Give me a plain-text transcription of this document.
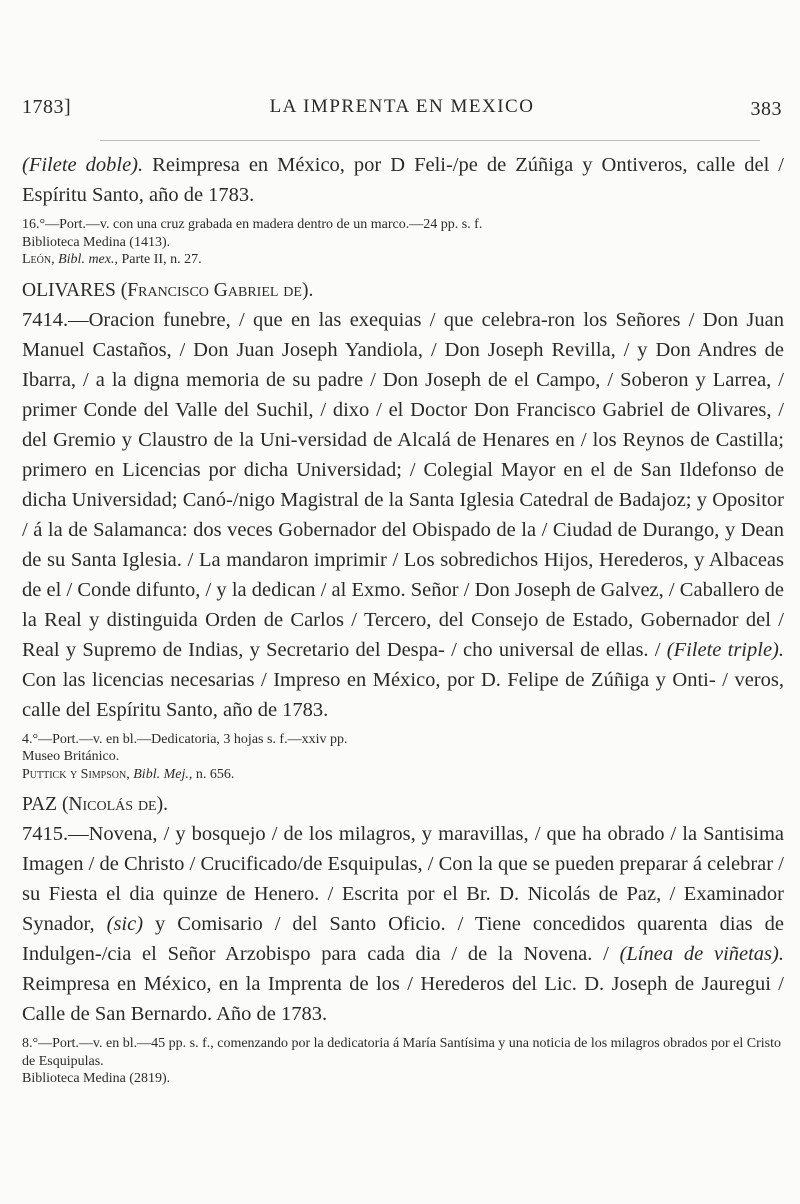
1783]	LA IMPRENTA EN MEXICO	383

(Filete doble). Reimpresa en México, por D Feli-/pe de Zúñiga y Ontiveros, calle del / Espíritu Santo, año de 1783.

16.°—Port.—v. con una cruz grabada en madera dentro de un marco.—24 pp. s. f.

Biblioteca Medina (1413).

León, Bibl. mex., Parte II, n. 27.

OLIVARES (Francisco Gabriel de).

7414.—Oracion funebre, / que en las exequias / que celebra-ron los Señores / Don Juan Manuel Castaños, / Don Juan Joseph Yandiola, / Don Joseph Revilla, / y Don Andres de Ibarra, / a la digna memoria de su padre / Don Joseph de el Campo, / Soberon y Larrea, / primer Conde del Valle del Suchil, / dixo / el Doctor Don Francisco Gabriel de Olivares, / del Gremio y Claustro de la Uni-versidad de Alcalá de Henares en / los Reynos de Castilla; primero en Licencias por dicha Universidad; / Colegial Mayor en el de San Ildefonso de dicha Universidad; Canó-/nigo Magistral de la Santa Iglesia Catedral de Badajoz; y Opositor / á la de Salamanca: dos veces Gobernador del Obispado de la / Ciudad de Durango, y Dean de su Santa Iglesia. / La mandaron imprimir / Los sobredichos Hijos, Herederos, y Albaceas de el / Conde difunto, / y la dedican / al Exmo. Señor / Don Joseph de Galvez, / Caballero de la Real y distinguida Orden de Carlos / Tercero, del Consejo de Estado, Gobernador del / Real y Supremo de Indias, y Secretario del Despa- / cho universal de ellas. / (Filete triple). Con las licencias necesarias / Impreso en México, por D. Felipe de Zúñiga y Onti- / veros, calle del Espíritu Santo, año de 1783.

4.°—Port.—v. en bl.—Dedicatoria, 3 hojas s. f.—xxiv pp.

Museo Británico.

Puttick y Simpson, Bibl. Mej., n. 656.

PAZ (Nicolás de).

7415.—Novena, / y bosquejo / de los milagros, y maravillas, / que ha obrado / la Santisima Imagen / de Christo / Crucificado/de Esquipulas, / Con la que se pueden preparar á celebrar / su Fiesta el dia quinze de Henero. / Escrita por el Br. D. Nicolás de Paz, / Examinador Synador, (sic) y Comisario / del Santo Oficio. / Tiene concedidos quarenta dias de Indulgen-/cia el Señor Arzobispo para cada dia / de la Novena. / (Línea de viñetas). Reimpresa en México, en la Imprenta de los / Herederos del Lic. D. Joseph de Jauregui / Calle de San Bernardo. Año de 1783.

8.°—Port.—v. en bl.—45 pp. s. f., comenzando por la dedicatoria á María Santísima y una noticia de los milagros obrados por el Cristo de Esquipulas.

Biblioteca Medina (2819).
